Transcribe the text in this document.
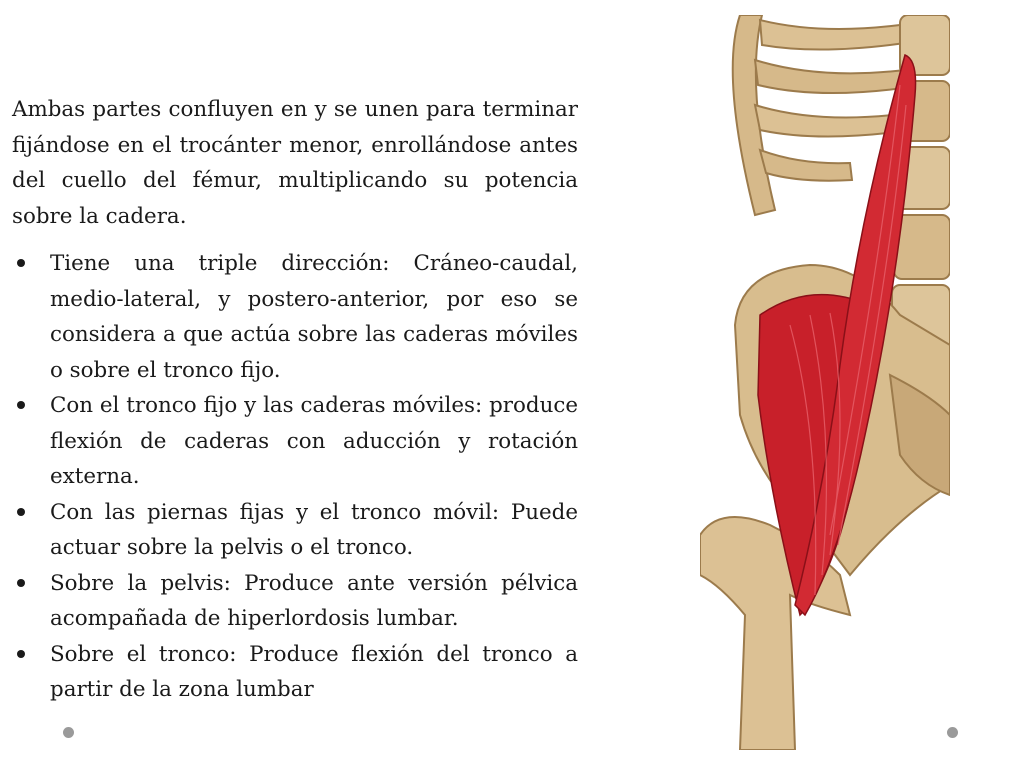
Ambas partes confluyen en y se unen para terminar fijándose en el trocánter menor, enrollándose antes del cuello del fémur, multiplicando su potencia sobre la cadera.

Tiene una triple dirección: Cráneo-caudal, medio-lateral, y postero-anterior, por eso se considera a que actúa sobre las caderas móviles o sobre el tronco fijo.
Con el tronco fijo y las caderas móviles: produce flexión de caderas con aducción y rotación externa.
Con las piernas fijas y el tronco móvil: Puede actuar sobre la pelvis o el tronco.
Sobre la pelvis: Produce ante versión pélvica acompañada de hiperlordosis lumbar.
Sobre el tronco: Produce flexión del tronco a partir de la zona lumbar
